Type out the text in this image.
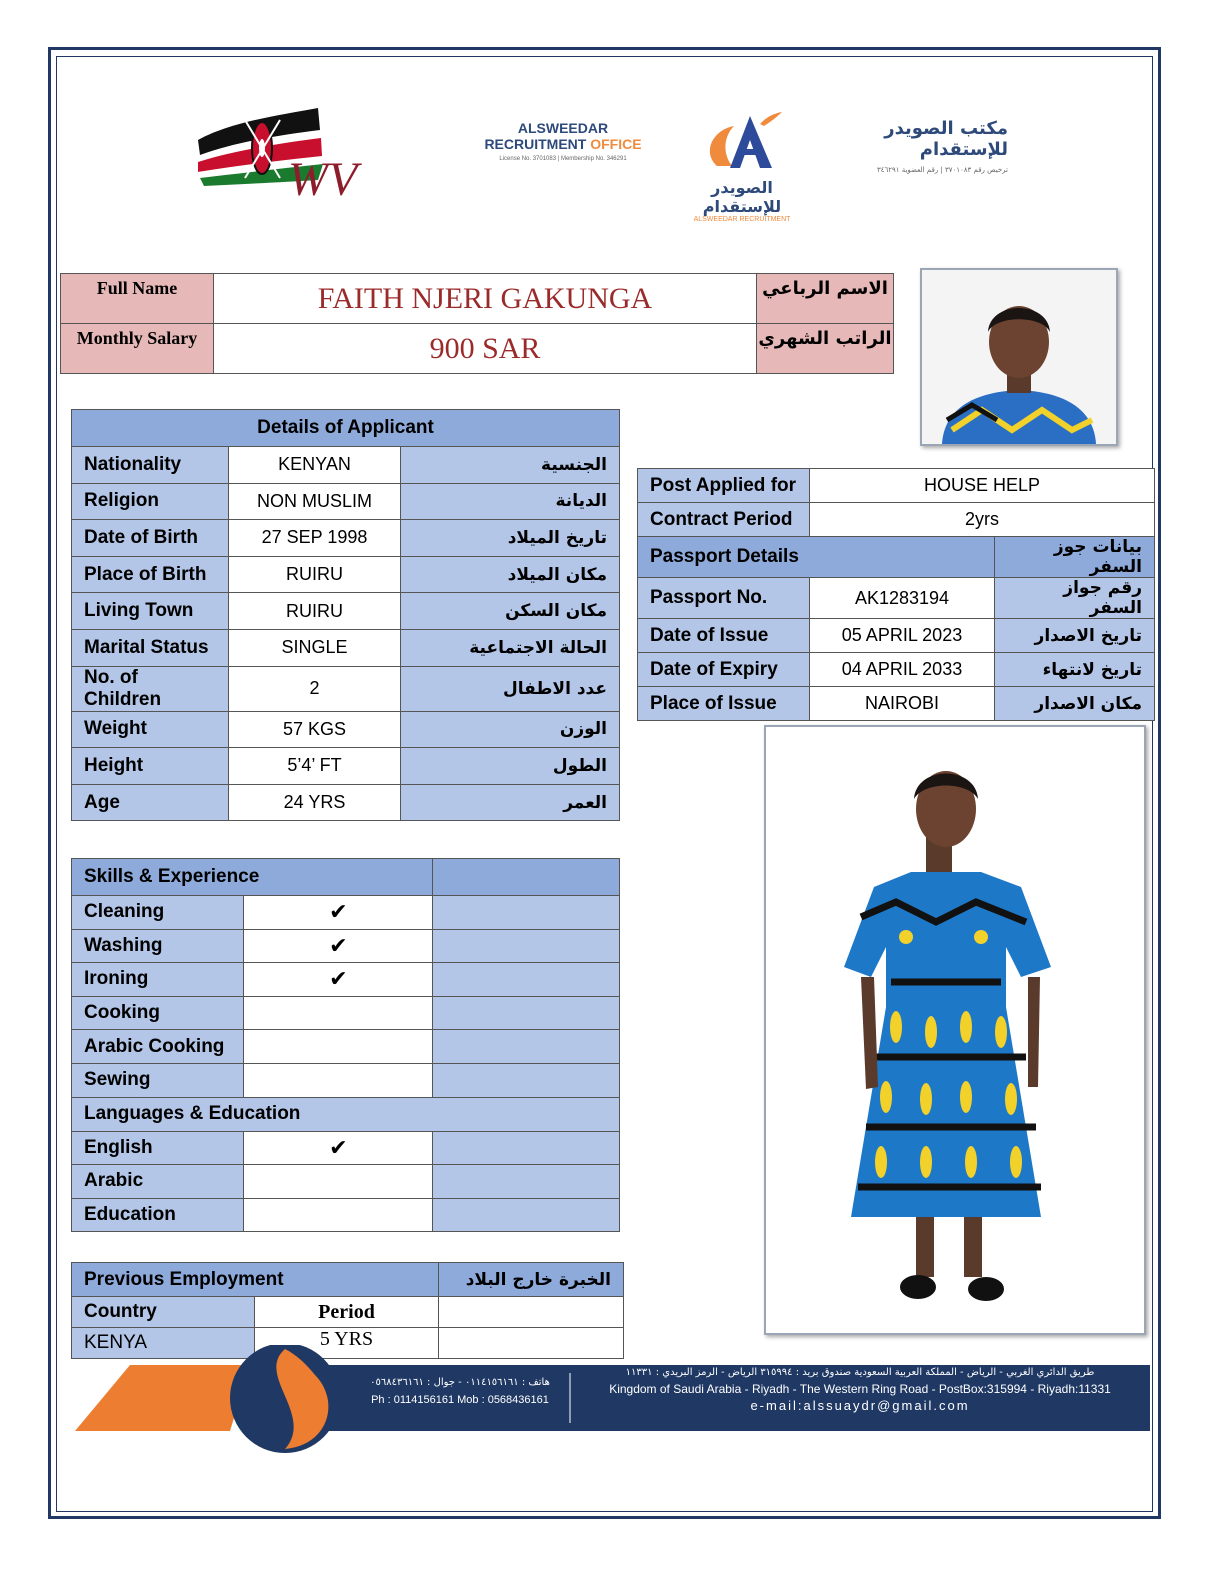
WV
ALSWEEDAR
RECRUITMENT OFFICE
License No. 3701083 | Membership No. 346291
الصويدر للإستقدام
ALSWEEDAR RECRUITMENT
مكتب الصويدر للإستقدام
ترخيص رقم ٣٧٠١٠٨٣ | رقم العضوية ٣٤٦٢٩١
Full Name	FAITH NJERI GAKUNGA	الاسم الرباعي
Monthly Salary	900 SAR	الراتب الشهري
Details of Applicant		
Nationality	KENYAN	الجنسية
Religion	NON MUSLIM	الديانة
Date of Birth	27 SEP 1998	تاريخ الميلاد
Place of Birth	RUIRU	مكان الميلاد
Living Town	RUIRU	مكان السكن
Marital Status	SINGLE	الحالة الاجتماعية
No. of Children	2	عدد الاطفال
Weight	57 KGS	الوزن
Height	5’4’ FT	الطول
Age	24 YRS	العمر
Post Applied for	HOUSE HELP	
Contract Period	2yrs	
Passport Details		بيانات جوز السفر
Passport No.	AK1283194	رقم جواز السفر
Date of Issue	05 APRIL 2023	تاريخ الاصدار
Date of Expiry	04 APRIL 2033	تاريخ لانتهاء
Place of Issue	NAIROBI	مكان الاصدار
Skills & Experience		
Cleaning	✔	
Washing	✔	
Ironing	✔	
Cooking		
Arabic Cooking		
Sewing		
Languages & Education		
English	✔	
Arabic		
Education		
Previous Employment		الخبرة خارج البلاد
Country	Period	
KENYA	5 YRS	
هاتف : ٠١١٤١٥٦١٦١ - جوال : ٠٥٦٨٤٣٦١٦١
Ph : 0114156161 Mob : 0568436161
طريق الدائري الغربي - الرياض - المملكة العربية السعودية صندوق بريد : ٣١٥٩٩٤ الرياض - الرمز البريدي : ١١٣٣١
Kingdom of Saudi Arabia - Riyadh - The Western Ring Road - PostBox:315994 - Riyadh:11331
e-mail:alssuaydr@gmail.com
